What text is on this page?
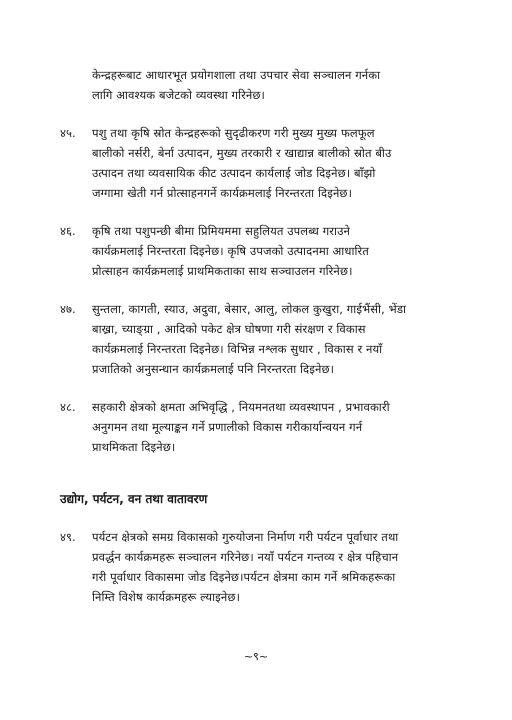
केन्द्रहरूबाट आधारभूत प्रयोगशाला तथा उपचार सेवा सञ्चालन गर्नका
लागि आवश्यक बजेटको व्यवस्था गरिनेछ।
४५. पशु तथा कृषि स्रोत केन्द्रहरूको सुदृढीकरण गरी मुख्य मुख्य फलफूल
बालीको नर्सरी, बेर्ना उत्पादन, मुख्य तरकारी र खाद्यान्न बालीको स्रोत बीउ
उत्पादन तथा व्यवसायिक कीट उत्पादन कार्यलाई जोड दिइनेछ। बाँझो
जग्गामा खेती गर्न प्रोत्साहनगर्ने कार्यक्रमलाई निरन्तरता दिइनेछ।
४६. कृषि तथा पशुपन्छी बीमा प्रिमियममा सहुलियत उपलब्ध गराउने
कार्यक्रमलाई निरन्तरता दिइनेछ। कृषि उपजको उत्पादनमा आधारित
प्रोत्साहन कार्यक्रमलाई प्राथमिकताका साथ सञ्चाउलन गरिनेछ।
४७. सुन्तला, कागती, स्याउ, अदुवा, बेसार, आलु, लोकल कुखुरा, गाईभैंसी, भेंडा
बाख्रा, च्याङ्ग्रा , आदिको पकेट क्षेत्र घोषणा गरी संरक्षण र विकास
कार्यक्रमलाई निरन्तरता दिइनेछ। विभिन्न नश्लक सुधार , विकास र नयाँ
प्रजातिको अनुसन्धान कार्यक्रमलाई पनि निरन्तरता दिइनेछ।
४८. सहकारी क्षेत्रको क्षमता अभिवृद्धि , नियमनतथा व्यवस्थापन , प्रभावकारी
अनुगमन तथा मूल्याङ्कन गर्ने प्रणालीको विकास गरीकार्यान्वयन गर्न
प्राथमिकता दिइनेछ।
उद्योग, पर्यटन, वन तथा वातावरण
४९. पर्यटन क्षेत्रको समग्र विकासको गुरुयोजना निर्माण गरी पर्यटन पूर्वाधार तथा
प्रवर्द्धन कार्यक्रमहरू सञ्चालन गरिनेछ। नयाँ पर्यटन गन्तव्य र क्षेत्र पहिचान
गरी पूर्वाधार विकासमा जोड दिइनेछ।पर्यटन क्षेत्रमा काम गर्ने श्रमिकहरूका
निम्ति विशेष कार्यक्रमहरू ल्याइनेछ।
~९~
